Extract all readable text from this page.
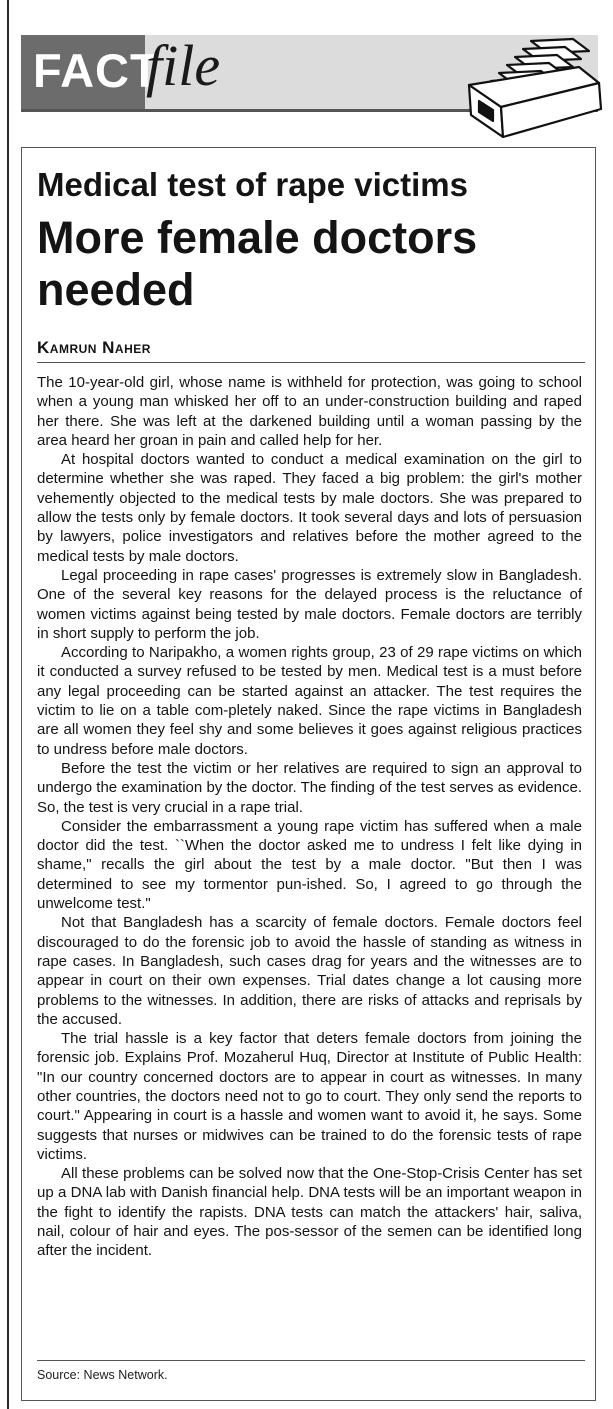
FACT
file
Medical test of rape victims
More female doctors needed

Kamrun Naher

The 10-year-old girl, whose name is withheld for protection, was going to school when a young man whisked her off to an under-construction building and raped her there. She was left at the darkened building until a woman passing by the area heard her groan in pain and called help for her.

At hospital doctors wanted to conduct a medical examination on the girl to determine whether she was raped. They faced a big problem: the girl's mother vehemently objected to the medical tests by male doctors. She was prepared to allow the tests only by female doctors. It took several days and lots of persuasion by lawyers, police investigators and relatives before the mother agreed to the medical tests by male doctors.

Legal proceeding in rape cases' progresses is extremely slow in Bangladesh. One of the several key reasons for the delayed process is the reluctance of women victims against being tested by male doctors. Female doctors are terribly in short supply to perform the job.

According to Naripakho, a women rights group, 23 of 29 rape victims on which it conducted a survey refused to be tested by men. Medical test is a must before any legal proceeding can be started against an attacker. The test requires the victim to lie on a table com-pletely naked. Since the rape victims in Bangladesh are all women they feel shy and some believes it goes against religious practices to undress before male doctors.

Before the test the victim or her relatives are required to sign an approval to undergo the examination by the doctor. The finding of the test serves as evidence. So, the test is very crucial in a rape trial.

Consider the embarrassment a young rape victim has suffered when a male doctor did the test. ``When the doctor asked me to undress I felt like dying in shame," recalls the girl about the test by a male doctor. "But then I was determined to see my tormentor pun-ished. So, I agreed to go through the unwelcome test."

Not that Bangladesh has a scarcity of female doctors. Female doctors feel discouraged to do the forensic job to avoid the hassle of standing as witness in rape cases. In Bangladesh, such cases drag for years and the witnesses are to appear in court on their own expenses. Trial dates change a lot causing more problems to the witnesses. In addition, there are risks of attacks and reprisals by the accused.

The trial hassle is a key factor that deters female doctors from joining the forensic job. Explains Prof. Mozaherul Huq, Director at Institute of Public Health: "In our country concerned doctors are to appear in court as witnesses. In many other countries, the doctors need not to go to court. They only send the reports to court." Appearing in court is a hassle and women want to avoid it, he says. Some suggests that nurses or midwives can be trained to do the forensic tests of rape victims.

All these problems can be solved now that the One-Stop-Crisis Center has set up a DNA lab with Danish financial help. DNA tests will be an important weapon in the fight to identify the rapists. DNA tests can match the attackers' hair, saliva, nail, colour of hair and eyes. The pos-sessor of the semen can be identified long after the incident.

Source: News Network.
